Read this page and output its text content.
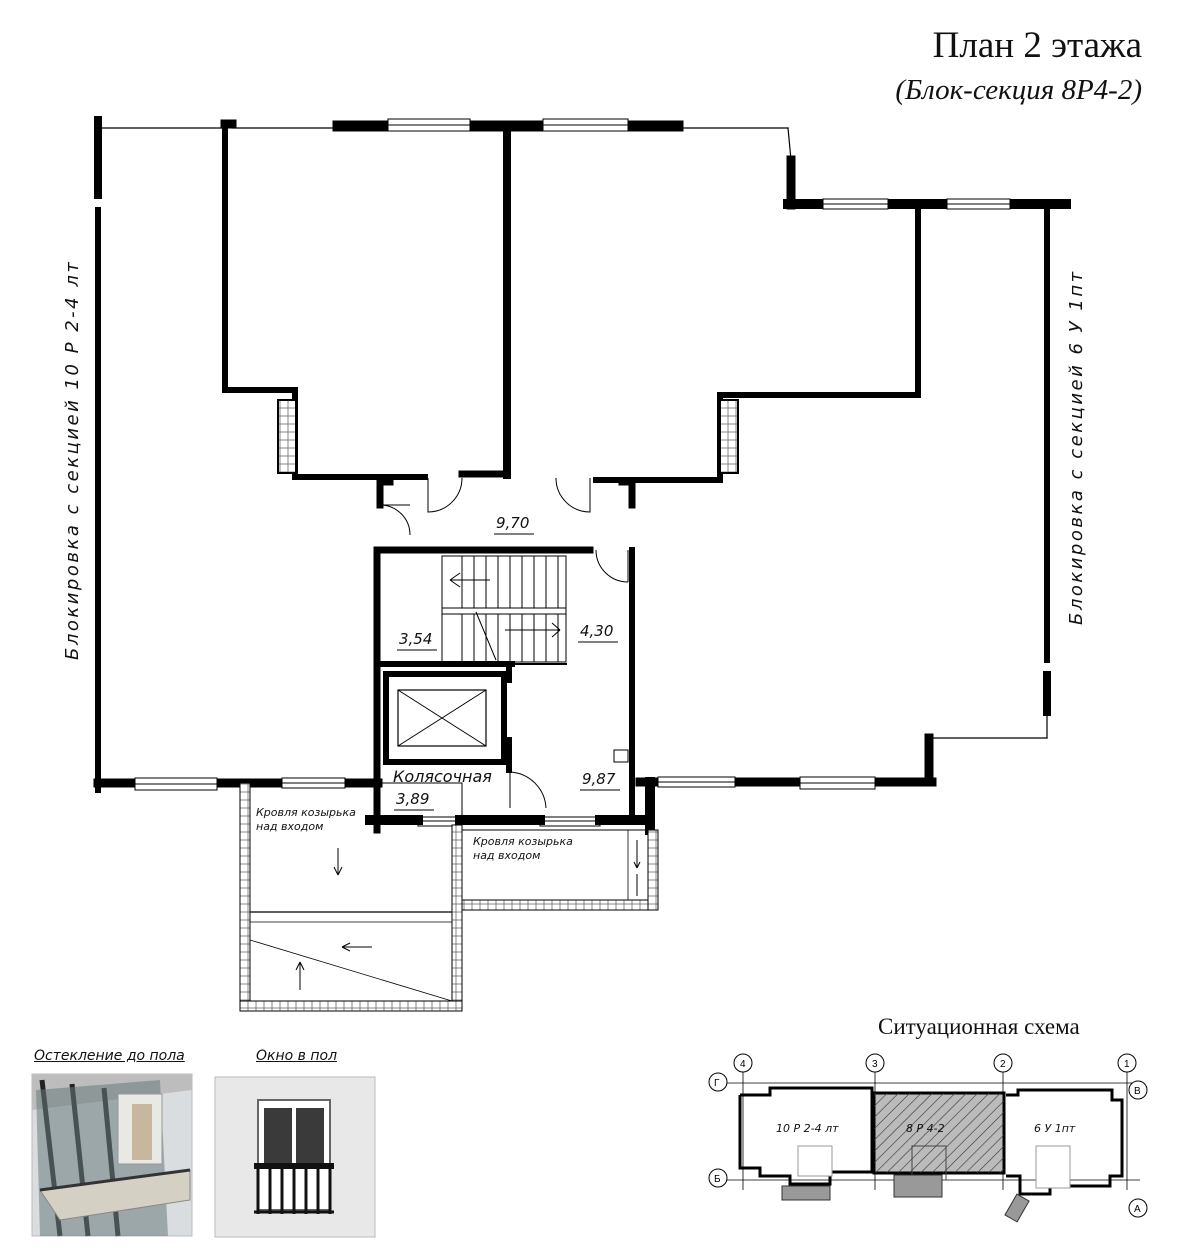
Блокировка с секцией 10 Р 2-4 лт	Блокировка с секцией 6 У 1пт
9,70
3,54	4,30
9,87
Колясочная
3,89
Кровля козырька
над входом
Кровля козырька
над входом
4	3	2	1
Г
В
Б
А
10 Р 2-4 лт	8 Р 4-2	6 У 1пт
План 2 этажа
(Блок-секция 8Р4-2)
Ситуационная схема
Остекление до пола	Окно в пол
